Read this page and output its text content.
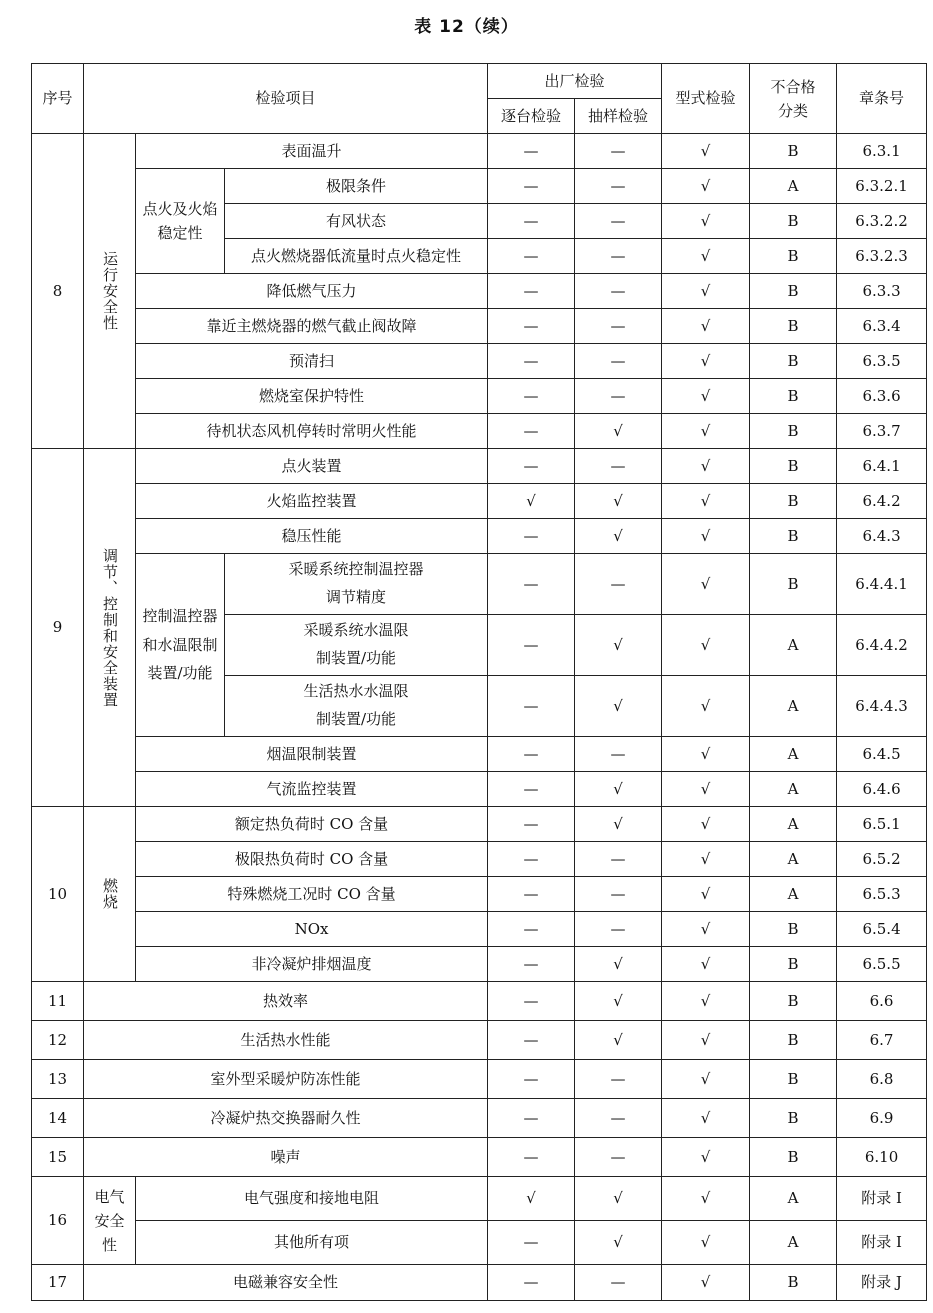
表 12（续）
序号	检验项目			出厂检验		型式检验	不合格分类	章条号
				逐台检验	抽样检验			
8	运行安全性	表面温升		—	—	√	B	6.3.1

		点火及火焰稳定性	极限条件	—	—	√	A	6.3.2.1
			有风状态	—	—	√	B	6.3.2.2
			点火燃烧器低流量时点火稳定性	—	—	√	B	6.3.2.3
		降低燃气压力		—	—	√	B	6.3.3
		靠近主燃烧器的燃气截止阀故障		—	—	√	B	6.3.4
		预清扫		—	—	√	B	6.3.5
		燃烧室保护特性		—	—	√	B	6.3.6
		待机状态风机停转时常明火性能		—	√	√	B	6.3.7
9	调节、控制和安全装置	点火装置		—	—	√	B	6.4.1
		火焰监控装置		√	√	√	B	6.4.2
		稳压性能		—	√	√	B	6.4.3

		控制温控器和水温限制装置/功能	采暖系统控制温控器调节精度	—	—	√	B	6.4.4.1

			采暖系统水温限制装置/功能	—	√	√	A	6.4.4.2

			生活热水水温限制装置/功能	—	√	√	A	6.4.4.3
		烟温限制装置		—	—	√	A	6.4.5
		气流监控装置		—	√	√	A	6.4.6
10	燃烧	额定热负荷时 CO 含量		—	√	√	A	6.5.1
		极限热负荷时 CO 含量		—	—	√	A	6.5.2
		特殊燃烧工况时 CO 含量		—	—	√	A	6.5.3
		NOx		—	—	√	B	6.5.4
		非冷凝炉排烟温度		—	√	√	B	6.5.5
11	热效率			—	√	√	B	6.6
12	生活热水性能			—	√	√	B	6.7
13	室外型采暖炉防冻性能			—	—	√	B	6.8
14	冷凝炉热交换器耐久性			—	—	√	B	6.9
15	噪声			—	—	√	B	6.10
16	电气安全性	电气强度和接地电阻		√	√	√	A	附录 I
		其他所有项		—	√	√	A	附录 I
17	电磁兼容安全性			—	—	√	B	附录 J
